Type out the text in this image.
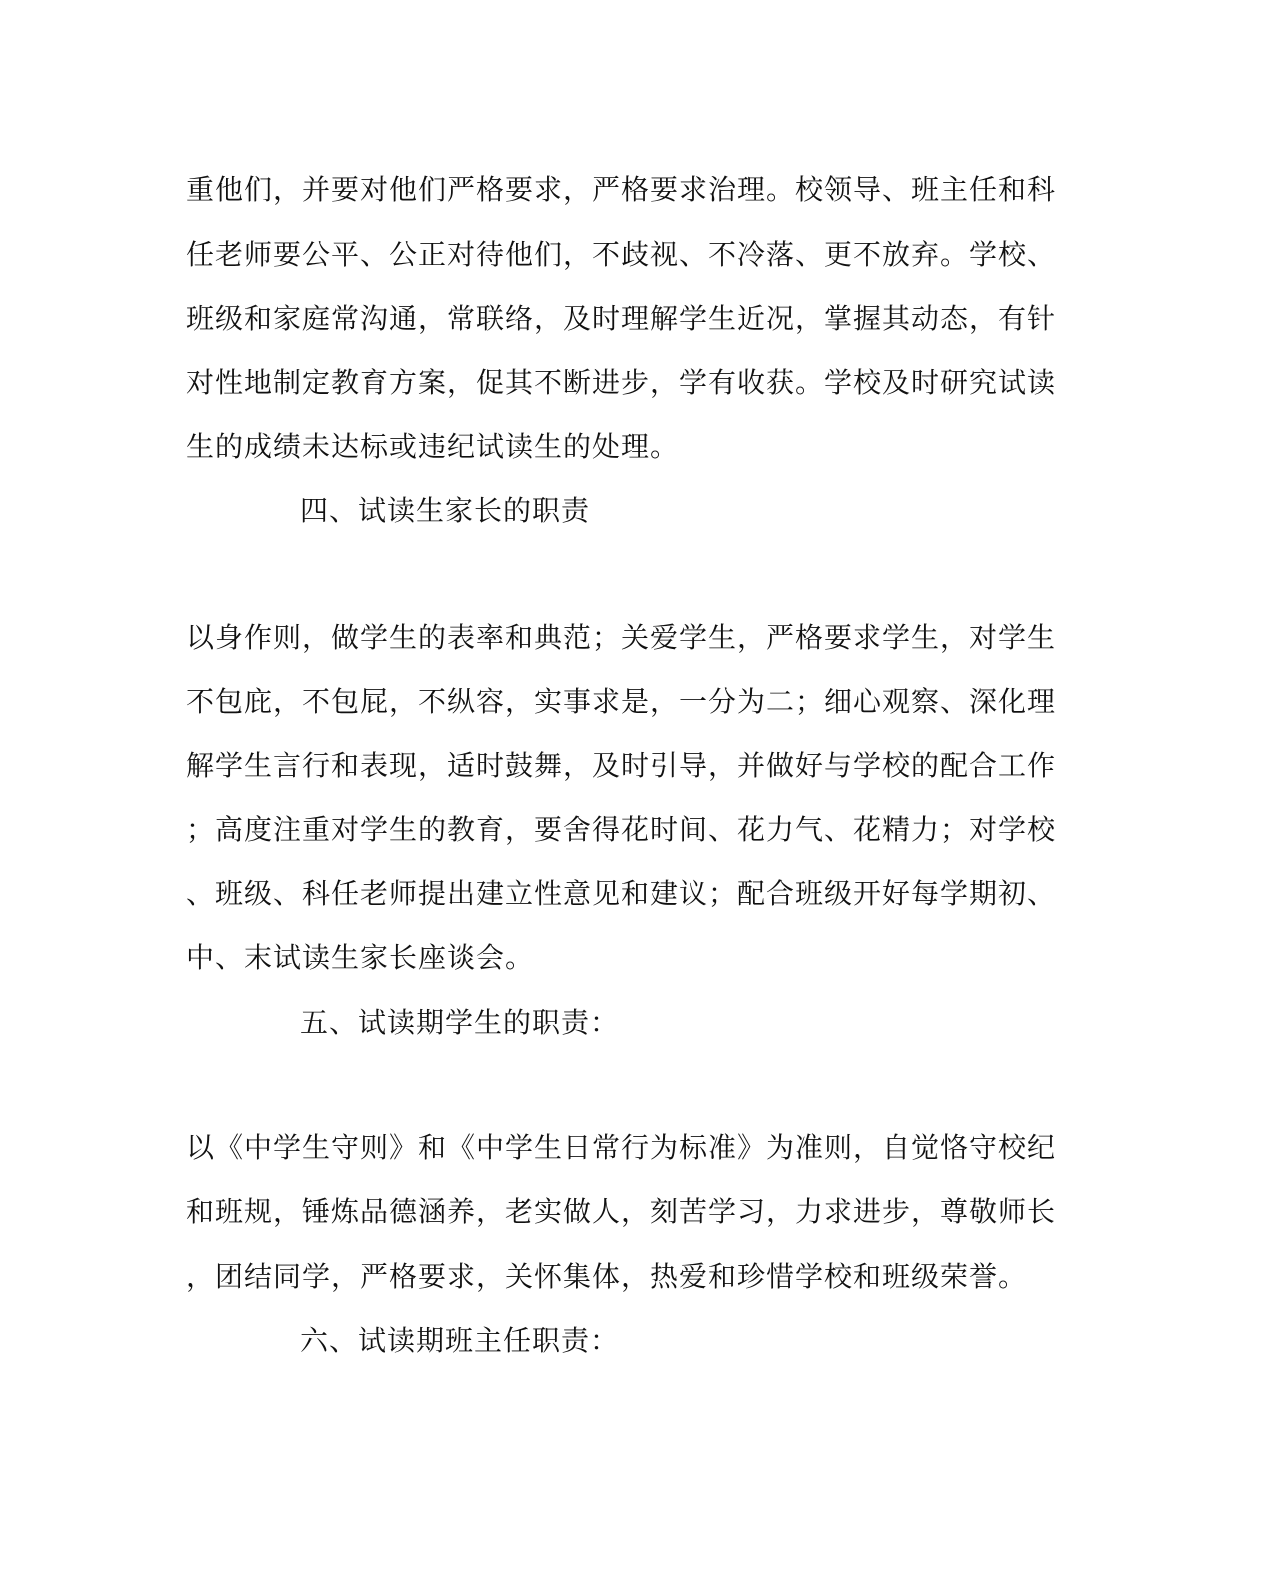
重他们，并要对他们严格要求，严格要求治理。校领导、班主任和科
任老师要公平、公正对待他们，不歧视、不冷落、更不放弃。学校、
班级和家庭常沟通，常联络，及时理解学生近况，掌握其动态，有针
对性地制定教育方案，促其不断进步，学有收获。学校及时研究试读
生的成绩未达标或违纪试读生的处理。
四、试读生家长的职责
以身作则，做学生的表率和典范；关爱学生，严格要求学生，对学生
不包庇，不包屁，不纵容，实事求是，一分为二；细心观察、深化理
解学生言行和表现，适时鼓舞，及时引导，并做好与学校的配合工作
；高度注重对学生的教育，要舍得花时间、花力气、花精力；对学校
、班级、科任老师提出建立性意见和建议；配合班级开好每学期初、
中、末试读生家长座谈会。
五、试读期学生的职责：
以《中学生守则》和《中学生日常行为标准》为准则，自觉恪守校纪
和班规，锤炼品德涵养，老实做人，刻苦学习，力求进步，尊敬师长
，团结同学，严格要求，关怀集体，热爱和珍惜学校和班级荣誉。
六、试读期班主任职责：
